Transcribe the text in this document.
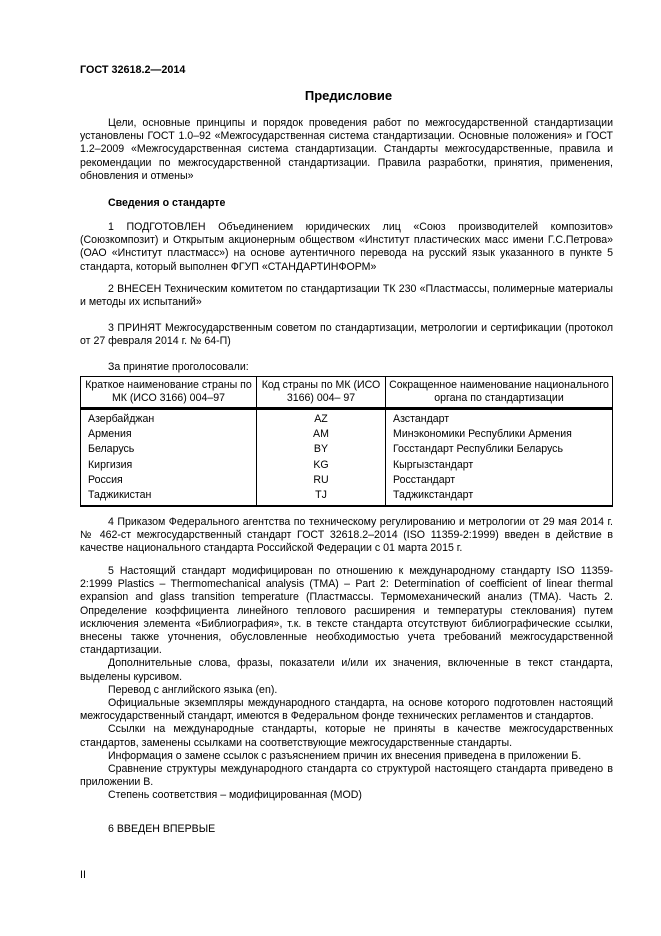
ГОСТ 32618.2—2014
Предисловие

Цели, основные принципы и порядок проведения работ по межгосударственной стандартизации установлены ГОСТ 1.0–92 «Межгосударственная система стандартизации. Основные положения» и ГОСТ 1.2–2009 «Межгосударственная система стандартизации. Стандарты межгосударственные, правила и рекомендации по межгосударственной стандартизации. Правила разработки, принятия, применения, обновления и отмены»

Сведения о стандарте

1 ПОДГОТОВЛЕН Объединением юридических лиц «Союз производителей композитов» (Союзкомпозит) и Открытым акционерным обществом «Институт пластических масс имени Г.С.Петрова» (ОАО «Институт пластмасс») на основе аутентичного перевода на русский язык указанного в пункте 5 стандарта, который выполнен ФГУП «СТАНДАРТИНФОРМ»

2 ВНЕСЕН Техническим комитетом по стандартизации ТК 230 «Пластмассы, полимерные материалы и методы их испытаний»

3 ПРИНЯТ Межгосударственным советом по стандартизации, метрологии и сертификации (протокол от 27 февраля 2014 г. № 64-П)

За принятие проголосовали:
Краткое наименование страны по МК (ИСО 3166) 004–97	Код страны по МК (ИСО 3166) 004– 97	Сокращенное наименование национального органа по стандартизации
Азербайджан	AZ	Азстандарт
Армения	AM	Минэкономики Республики Армения
Беларусь	BY	Госстандарт Республики Беларусь
Киргизия	KG	Кыргызстандарт
Россия	RU	Росстандарт
Таджикистан	TJ	Таджикстандарт

4 Приказом Федерального агентства по техническому регулированию и метрологии от 29 мая 2014 г. № 462-ст межгосударственный стандарт ГОСТ 32618.2–2014 (ISO 11359-2:1999) введен в действие в качестве национального стандарта Российской Федерации с 01 марта 2015 г.

5 Настоящий стандарт модифицирован по отношению к международному стандарту ISO 11359-2:1999 Plastics – Thermomechanical analysis (TMA) – Part 2: Determination of coefficient of linear thermal expansion and glass transition temperature (Пластмассы. Термомеханический анализ (ТМА). Часть 2. Определение коэффициента линейного теплового расширения и температуры стеклования) путем исключения элемента «Библиография», т.к. в тексте стандарта отсутствуют библиографические ссылки, внесены также уточнения, обусловленные необходимостью учета требований межгосударственной стандартизации.

Дополнительные слова, фразы, показатели и/или их значения, включенные в текст стандарта, выделены курсивом.

Перевод с английского языка (en).

Официальные экземпляры международного стандарта, на основе которого подготовлен настоящий межгосударственный стандарт, имеются в Федеральном фонде технических регламентов и стандартов.

Ссылки на международные стандарты, которые не приняты в качестве межгосударственных стандартов, заменены ссылками на соответствующие межгосударственные стандарты.

Информация о замене ссылок с разъяснением причин их внесения приведена в приложении Б.

Сравнение структуры международного стандарта со структурой настоящего стандарта приведено в приложении В.

Степень соответствия – модифицированная (MOD)

6 ВВЕДЕН ВПЕРВЫЕ
II
